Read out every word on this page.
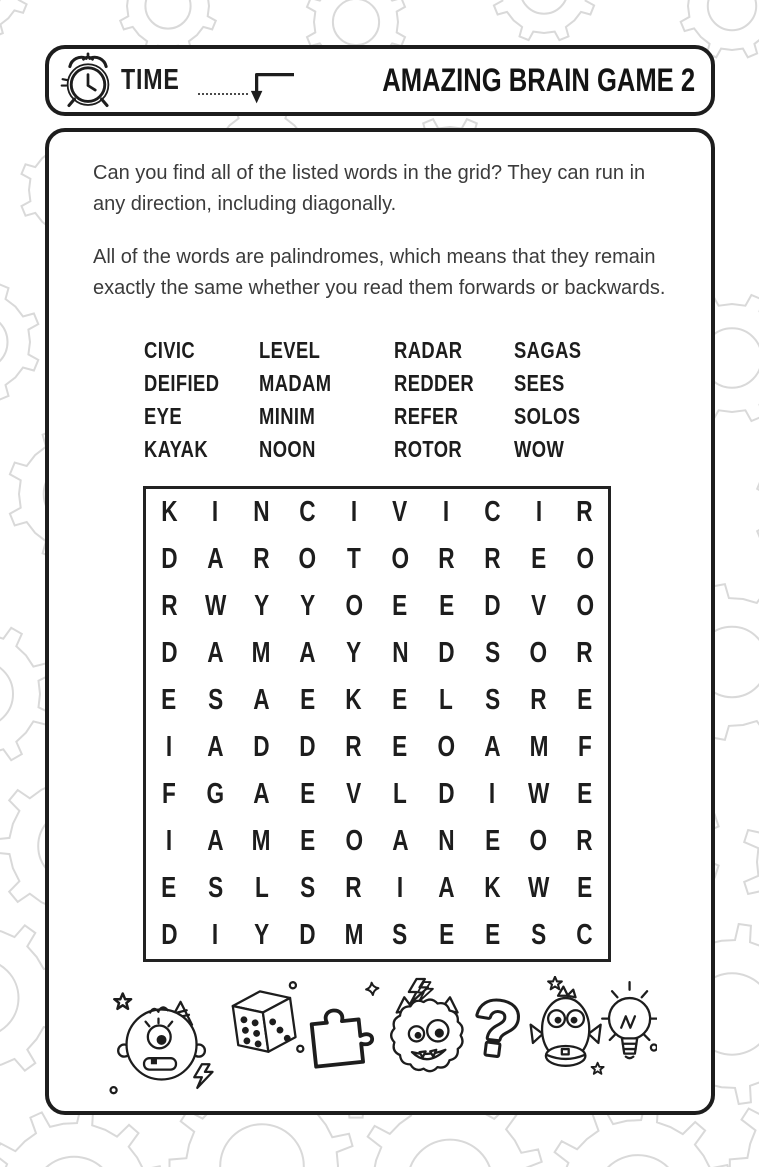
TIME	AMAZING BRAIN GAME 2

Can you find all of the listed words in the grid? They can run in any direction, including diagonally.

All of the words are palindromes, which means that they remain exactly the same whether you read them forwards or backwards.

CIVIC
DEIFIED
EYE
KAYAK
LEVEL
MADAM
MINIM
NOON
RADAR
REDDER
REFER
ROTOR
SAGAS
SEES
SOLOS
WOW
K I N C I V I C I R
D A R O T O R R E O
R W Y Y O E E D V O
D A M A Y N D S O R
E S A E K E L S R E
I A D D R E O A M F
F G A E V L D I W E
I A M E O A N E O R
E S L S R I A K W E
D I Y D M S E E S C
?
